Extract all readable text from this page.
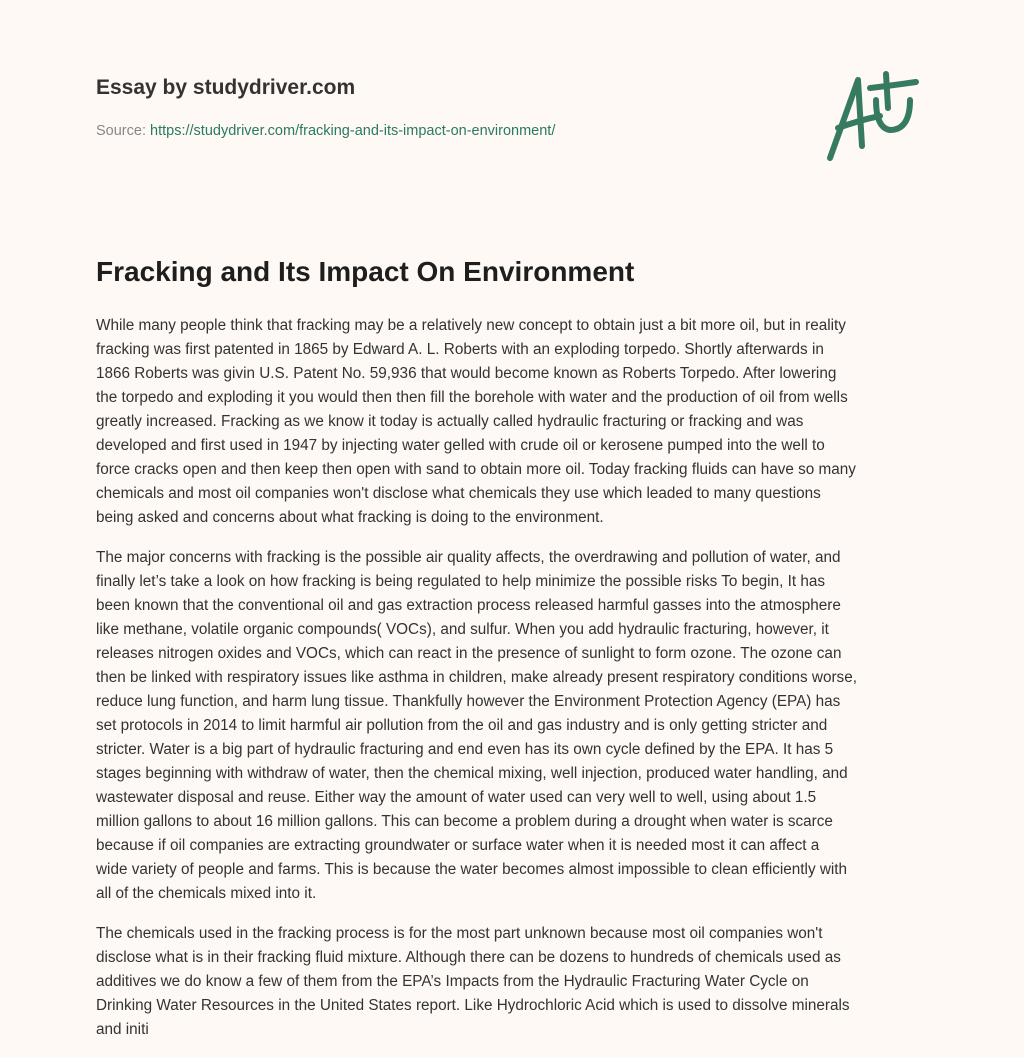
Essay by studydriver.com
Source: https://studydriver.com/fracking-and-its-impact-on-environment/
Fracking and Its Impact On Environment

While many people think that fracking may be a relatively new concept to obtain just a bit more oil, but in reality
fracking was first patented in 1865 by Edward A. L. Roberts with an exploding torpedo. Shortly afterwards in
1866 Roberts was givin U.S. Patent No. 59,936 that would become known as Roberts Torpedo. After lowering
the torpedo and exploding it you would then then fill the borehole with water and the production of oil from wells
greatly increased. Fracking as we know it today is actually called hydraulic fracturing or fracking and was
developed and first used in 1947 by injecting water gelled with crude oil or kerosene pumped into the well to
force cracks open and then keep then open with sand to obtain more oil. Today fracking fluids can have so many
chemicals and most oil companies won't disclose what chemicals they use which leaded to many questions
being asked and concerns about what fracking is doing to the environment.

The major concerns with fracking is the possible air quality affects, the overdrawing and pollution of water, and
finally let’s take a look on how fracking is being regulated to help minimize the possible risks To begin, It has
been known that the conventional oil and gas extraction process released harmful gasses into the atmosphere
like methane, volatile organic compounds( VOCs), and sulfur. When you add hydraulic fracturing, however, it
releases nitrogen oxides and VOCs, which can react in the presence of sunlight to form ozone. The ozone can
then be linked with respiratory issues like asthma in children, make already present respiratory conditions worse,
reduce lung function, and harm lung tissue. Thankfully however the Environment Protection Agency (EPA) has
set protocols in 2014 to limit harmful air pollution from the oil and gas industry and is only getting stricter and
stricter. Water is a big part of hydraulic fracturing and end even has its own cycle defined by the EPA. It has 5
stages beginning with withdraw of water, then the chemical mixing, well injection, produced water handling, and
wastewater disposal and reuse. Either way the amount of water used can very well to well, using about 1.5
million gallons to about 16 million gallons. This can become a problem during a drought when water is scarce
because if oil companies are extracting groundwater or surface water when it is needed most it can affect a
wide variety of people and farms. This is because the water becomes almost impossible to clean efficiently with
all of the chemicals mixed into it.

The chemicals used in the fracking process is for the most part unknown because most oil companies won't
disclose what is in their fracking fluid mixture. Although there can be dozens to hundreds of chemicals used as
additives we do know a few of them from the EPA’s Impacts from the Hydraulic Fracturing Water Cycle on
Drinking Water Resources in the United States report. Like Hydrochloric Acid which is used to dissolve minerals
and initi
